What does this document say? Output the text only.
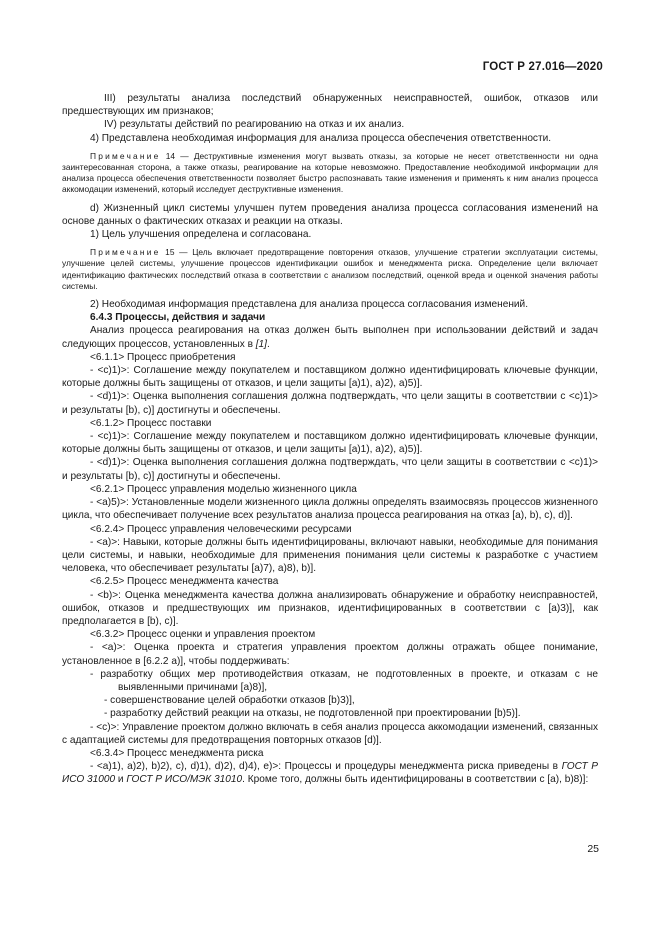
ГОСТ Р 27.016—2020

III) результаты анализа последствий обнаруженных неисправностей, ошибок, отказов или предшествующих им признаков;

IV) результаты действий по реагированию на отказ и их анализ.

4) Представлена необходимая информация для анализа процесса обеспечения ответственности.

Примечание 14 — Деструктивные изменения могут вызвать отказы, за которые не несет ответственности ни одна заинтересованная сторона, а также отказы, реагирование на которые невозможно. Предоставление необходимой информации для анализа процесса обеспечения ответственности позволяет быстро распознавать такие изменения и применять к ним анализ процесса аккомодации изменений, который исследует деструктивные изменения.

d) Жизненный цикл системы улучшен путем проведения анализа процесса согласования изменений на основе данных о фактических отказах и реакции на отказы.

1) Цель улучшения определена и согласована.

Примечание 15 — Цель включает предотвращение повторения отказов, улучшение стратегии эксплуатации системы, улучшение целей системы, улучшение процессов идентификации ошибок и менеджмента риска. Определение цели включает идентификацию фактических последствий отказа в соответствии с анализом последствий, оценкой вреда и оценкой значения работы системы.

2) Необходимая информация представлена для анализа процесса согласования изменений.

6.4.3 Процессы, действия и задачи

Анализ процесса реагирования на отказ должен быть выполнен при использовании действий и задач следующих процессов, установленных в [1].

<6.1.1> Процесс приобретения

- <c)1)>: Соглашение между покупателем и поставщиком должно идентифицировать ключевые функции, которые должны быть защищены от отказов, и цели защиты [a)1), a)2), a)5)].

- <d)1)>: Оценка выполнения соглашения должна подтверждать, что цели защиты в соответствии с <c)1)> и результаты [b), c)] достигнуты и обеспечены.

<6.1.2> Процесс поставки

- <c)1)>: Соглашение между покупателем и поставщиком должно идентифицировать ключевые функции, которые должны быть защищены от отказов, и цели защиты [a)1), a)2), a)5)].

- <d)1)>: Оценка выполнения соглашения должна подтверждать, что цели защиты в соответствии с <c)1)> и результаты [b), c)] достигнуты и обеспечены.

<6.2.1> Процесс управления моделью жизненного цикла

- <a)5)>: Установленные модели жизненного цикла должны определять взаимосвязь процессов жизненного цикла, что обеспечивает получение всех результатов анализа процесса реагирования на отказ [a), b), c), d)].

<6.2.4> Процесс управления человеческими ресурсами

- <a)>: Навыки, которые должны быть идентифицированы, включают навыки, необходимые для понимания цели системы, и навыки, необходимые для применения понимания цели системы к разработке с участием человека, что обеспечивает результаты [a)7), a)8), b)].

<6.2.5> Процесс менеджмента качества

- <b)>: Оценка менеджмента качества должна анализировать обнаружение и обработку неисправностей, ошибок, отказов и предшествующих им признаков, идентифицированных в соответствии с [a)3)], как предполагается в [b), c)].

<6.3.2> Процесс оценки и управления проектом

- <a)>: Оценка проекта и стратегия управления проектом должны отражать общее понимание, установленное в [6.2.2 a)], чтобы поддерживать:

- разработку общих мер противодействия отказам, не подготовленных в проекте, и отказам с не выявленными причинами [a)8)],

- совершенствование целей обработки отказов [b)3)],

- разработку действий реакции на отказы, не подготовленной при проектировании [b)5)].

- <c)>: Управление проектом должно включать в себя анализ процесса аккомодации изменений, связанных с адаптацией системы для предотвращения повторных отказов [d)].

<6.3.4> Процесс менеджмента риска

- <a)1), a)2), b)2), c), d)1), d)2), d)4), e)>: Процессы и процедуры менеджмента риска приведены в ГОСТ Р ИСО 31000 и ГОСТ Р ИСО/МЭК 31010. Кроме того, должны быть идентифицированы в соответствии с [a), b)8)]:

25
